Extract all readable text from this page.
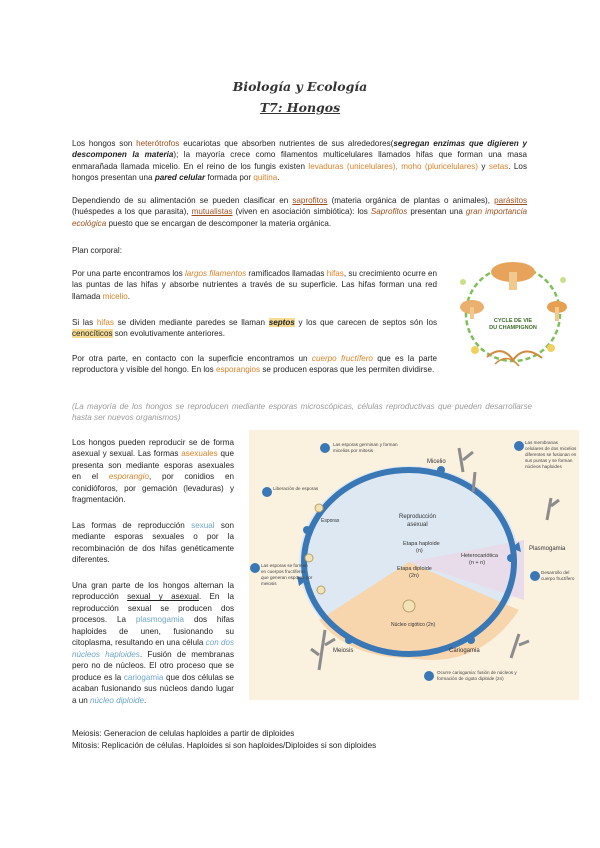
Biología y Ecología
T7: Hongos

Los hongos son heterótrofos eucariotas que absorben nutrientes de sus alrededores(segregan enzimas que digieren y descomponen la materia); la mayoría crece como filamentos multicelulares llamados hifas que forman una masa enmarañada llamada micelio. En el reino de los fungis existen levaduras (unicelulares), moho (pluricelulares) y setas. Los hongos presentan una pared celular formada por quitina.

Dependiendo de su alimentación se pueden clasificar en saprofitos (materia orgánica de plantas o animales), parásitos (huéspedes a los que parasita), mutualistas (viven en asociación simbiótica): los Saprofitos presentan una gran importancia ecológica puesto que se encargan de descomponer la materia orgánica.

Plan corporal:

Por una parte encontramos los largos filamentos ramificados llamadas hifas, su crecimiento ocurre en las puntas de las hifas y absorbe nutrientes a través de su superficie. Las hifas forman una red llamada micelio.

Si las hifas se dividen mediante paredes se llaman septos y los que carecen de septos són los cenocíticos son evolutivamente anteriores.

Por otra parte, en contacto con la superficie encontramos un cuerpo fructífero que es la parte reproductora y visible del hongo. En los esporangios se producen esporas que les permiten dividirse.

(La mayoría de los hongos se reproducen mediante esporas microscópicas, células reproductivas que pueden desarrollarse hasta ser nuevos organismos)

CYCLE DE VIE
DU CHAMPIGNON

Los hongos pueden reproducir se de forma asexual y sexual. Las formas asexuales que presenta son mediante esporas asexuales en el esporangio, por conidios en conidióforos, por gemación (levaduras) y fragmentación.

Las formas de reproducción sexual son mediante esporas sexuales o por la recombinación de dos hifas genéticamente diferentes.

Una gran parte de los hongos alternan la reproducción sexual y asexual. En la reproducción sexual se producen dos procesos. La plasmogamia dos hifas haploides de unen, fusionando su citoplasma, resultando en una célula con dos núcleos haploides. Fusión de membranas pero no de núcleos. El otro proceso que se produce es la cariogamia que dos células se acaban fusionando sus núcleos dando lugar a un núcleo diploide.

Micelio
Plasmogamia
Cariogamia
Meiosis
Esporas
Reproducción
asexual
Etapa haploide
(n)
Heterocariótica
(n + n)
Etapa diploide
(2n)
Núcleo cigótico (2n)
Las esporas germinan y forman micelios por mitosis
Liberación de esporas
Las esporas se forman en cuerpos fructíferos que generan esporas por meiosis
Las membranas celulares de dos micelios diferentes se fusionan en sus puntas y se forman núcleos haploides
Desarrollo del cuerpo fructífero
Ocurre cariogamia: fusión de núcleos y formación de cigoto diploide (2n)

Meiosis: Generacion de celulas haploides a partir de diploides

Mitosis: Replicación de células. Haploides si son haploides/Diploides si son diploides
